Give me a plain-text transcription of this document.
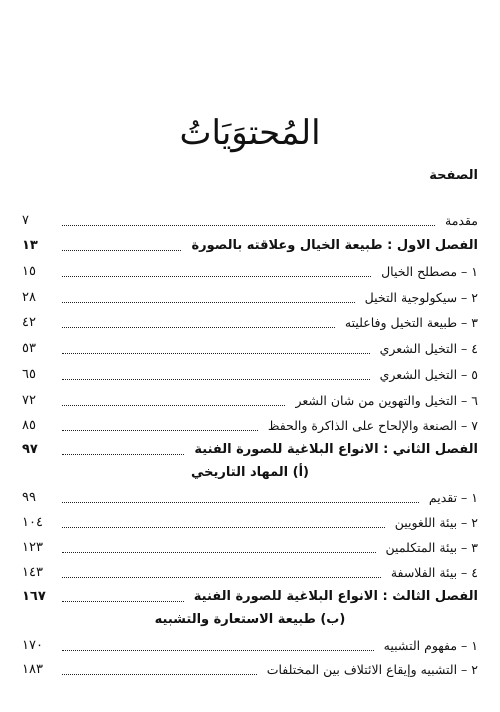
المُحتوَيَاتُ
الصفحة
مقدمة
٧
الفصل الاول : طبيعة الخيال وعلاقته بالصورة
١٣
١ – مصطلح الخيال
١٥
٢ – سيكولوجية التخيل
٢٨
٣ – طبيعة التخيل وفاعليته
٤٢
٤ – التخيل الشعري
٥٣
٥ – التخيل الشعري
٦٥
٦ – التخيل والتهوين من شان الشعر
٧٢
٧ – الصنعة والإلحاح على الذاكرة والحفظ
٨٥
الفصل الثاني : الانواع البلاغية للصورة الفنية
٩٧
(أ) المهاد التاريخي
١ – تقديم
٩٩
٢ – بيئة اللغويين
١٠٤
٣ – بيئة المتكلمين
١٢٣
٤ – بيئة الفلاسفة
١٤٣
الفصل الثالث : الانواع البلاغية للصورة الفنية
١٦٧
(ب) طبيعة الاستعارة والتشبيه
١ – مفهوم التشبيه
١٧٠
٢ – التشبيه وإيقاع الائتلاف بين المختلفات
١٨٣
